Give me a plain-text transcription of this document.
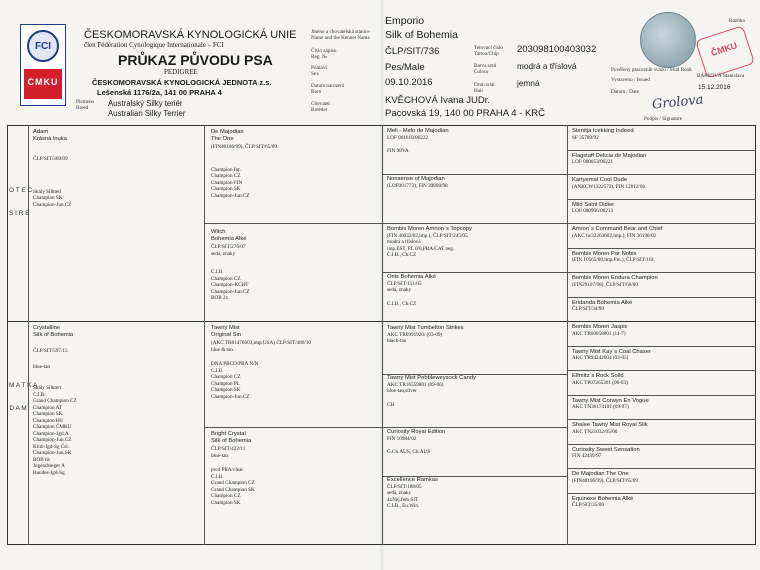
FCI
CMKU
ČESKOMORAVSKÁ KYNOLOGICKÁ UNIE
člen Fédération Cynologique Internationale – FCI
PRŮKAZ PŮVODU PSA
PEDIGREE
ČESKOMORAVSKÁ KYNOLOGICKÁ JEDNOTA z.s.
Lešenská 1176/2a, 141 00 PRAHA 4
Plemeno
Breed	Australský Silky teriér
Australian Silky Terrier
Jméno a chovatelská stanice
Name and the Kennel Name
Číslo zápisu
Reg. №
Pohlaví
Sex
Datum narození
Born
Chovatel
Breeder
Emporio
Silk of Bohemia
ČLP/SIT/736
Pes/Male
09.10.2016
KVĚCHOVÁ Ivana JUDr.
Pacovská 19, 140 00 PRAHA 4 - KRČ
Tetovací číslo
Tattoo/Chip
Barva srsti
Colour
Druh srsti
Hair
203098100403032
modrá a tříslová
jemná
ČMKU
Razítko
Pověřený pracovník svazu / Stud Book
BÁRTOVÁ Stanislava
Vystaveno / Issued
Datum / Date
15.12.2016
Grolova
Podpis / Signature
O T E C

S I R E
M A T K A

D A M
Adam
Krásná louka
ČLP/SIT/368/09
Skály Silkterí
Champion SK
Champion-Jun.CZ
Crystalline
Silk of Bohemia
ČLP/SIT/597/15
blue-tan
Skály Silkterí
C.I.B.
Grand Champion CZ
Champion AT
Champion SK
Champion HU
Champion ČMKU
Champion-Jgd.A
Champion-Jun.CZ
Klub-Jgd-Sg Čsl.
Champion-Jun.SK
BOB 6x
Jugendsieger A
Bundes-Jgd-Sg
De Majodian
The One
(FIN40106/99), ČLP/SIT/65/09
Champion Int.
Champion CZ
Champion FIN
Champion SK
Champion-Jun.CZ
Witch
Bohemia Alké
ČLP/SIT/276/07
sedá, znaky
C.I.B.
Champion CZ
Champion-KCHT
Champion-Jun.CZ
BOB 2x
Tawny Mist
Original Sin
(AKC TR81476603,imp.USA) ČLP/SIT/480/10
blue & tan
DNA PBCD/PRA N/N
C.I.B.
Champion CZ
Champion PL
Champion SK
Champion-Jun.CZ
Bright Crystal
Silk of Bohemia
ČLP/SIT/422/11
blue-tan
prcd PRA/clear
C.I.B.
Grand Champion CZ
Grand Champion SK
Champion CZ
Champion SK
Meli - Melo de Majodian
LOF 001618/00222
FIN 98VA
Nonsense of Majodian
(LOF001773), FIN 39890/98
Bombis Moren Amnon´s Topcopy
(FIN 46032/02,imp.), ČLP/SIT/245/05
modrá a tříslová
imp.EST, PL 0/0,PRA/CAT neg.
C.I.B., Ch.CZ
Onis Bohemia Alké
ČLP/SIT/151/05
sedá, znaky
C.I.B., Ch.CZ
Tawny Mist Tumbelton Strikes
AKC TR6991920/ (03-09)
black-tan
Tawny Mist Pebbleweysock Candy
AKC TR16559801 (09-06)
blue-tan,silver
CH
Curiosity Royal Edition
FIN 10984/02
G.Ch.AUS, Ch.AUS
Excellence Ramkas
ČLP/SIT/188/05
sedá, znaky
4xNej.fem SIT
C.I.B., Eu.Win.
Stenitja Icekking Indeed
SF 35789/92
Flagstaff Delicia de Majodian
LOF 000053/00221
Kartyemal Cool Dude
(ANKCW1322572), FIN 12812/06
Mild Saint Didier
LOF 000906/00213
Amron´s Command Bear and Chief
(AKC tw32263602,imp.), FIN 36190/02
Bombis Moren Par Nobis
(FIN 10565/00,imp.Fin.), ČLP/SIT/161
Bombis Moren Endura Champion
(FIN29107/98), ČLP/SIT/60/00
Eridanda Bohemia Alké
ČLP/SIT/34/99
Bombis Moren Jaspis
AKC TR60858001 (11-7)
Tawny Mist Kay´s Coal Chaser
AKC TR94242004 (03-05)
Elfmitz´s Rock Solid
AKC TP07265301 (06-03)
Tawny Mist Corwyn En Vogue
AKC TN36174101 (09-97)
Shalee Tawny Mist Royal Silk
AKC TN21032/05/00
Curiosity Sweet Sensation
FIN 42439/97
De Majodian The One
(FIN40106/99), ČLP/SIT/65/09
Equinoxe Bohemia Alké
ČLP/SIT/35/00
